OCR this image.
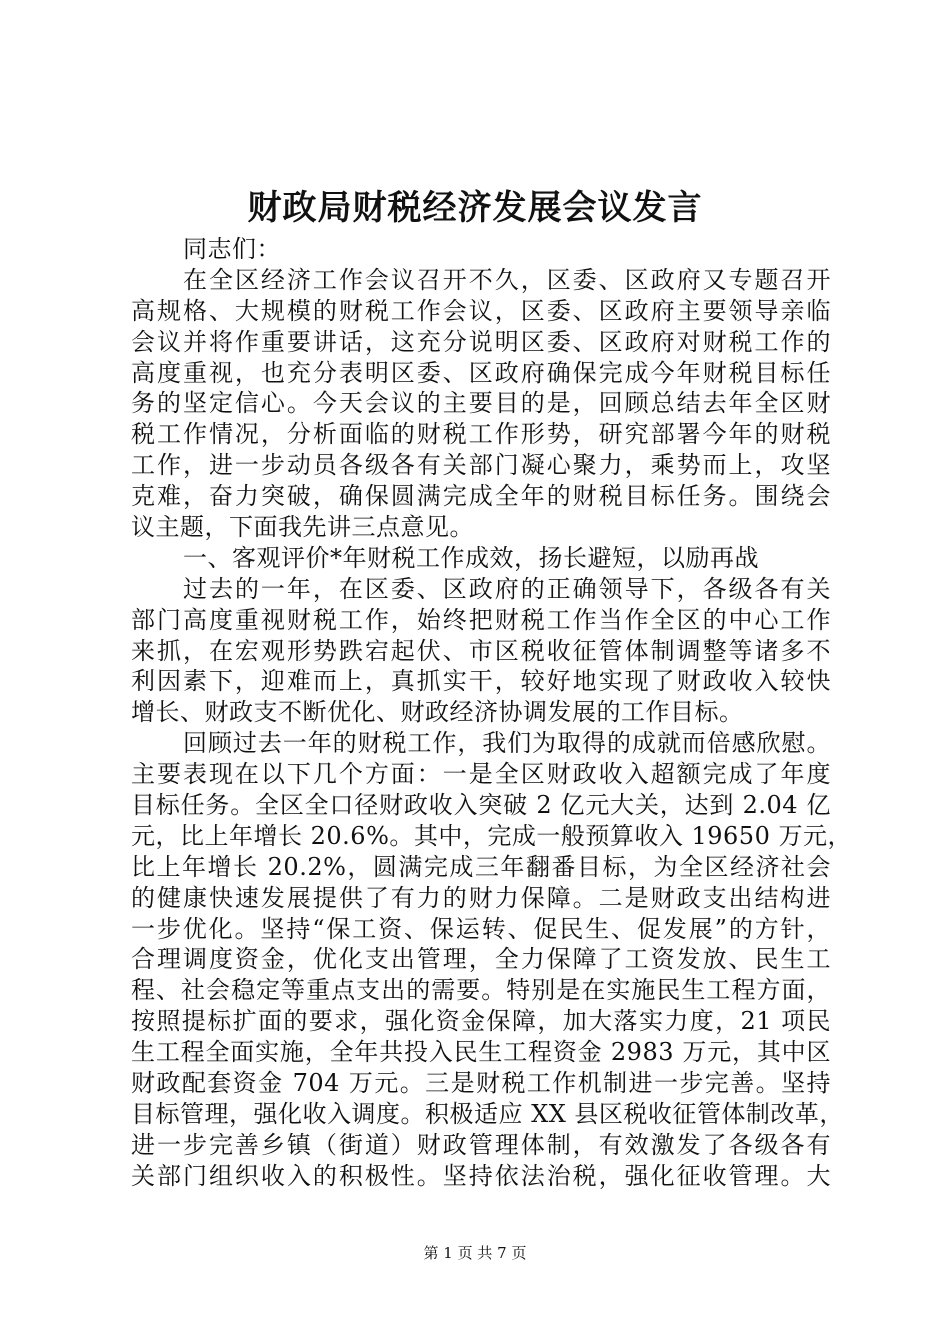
财政局财税经济发展会议发言
同志们：
在全区经济工作会议召开不久，区委、区政府又专题召开
高规格、大规模的财税工作会议，区委、区政府主要领导亲临
会议并将作重要讲话，这充分说明区委、区政府对财税工作的
高度重视，也充分表明区委、区政府确保完成今年财税目标任
务的坚定信心。今天会议的主要目的是，回顾总结去年全区财
税工作情况，分析面临的财税工作形势，研究部署今年的财税
工作，进一步动员各级各有关部门凝心聚力，乘势而上，攻坚
克难，奋力突破，确保圆满完成全年的财税目标任务。围绕会
议主题，下面我先讲三点意见。
一、客观评价*年财税工作成效，扬长避短，以励再战
过去的一年，在区委、区政府的正确领导下，各级各有关
部门高度重视财税工作，始终把财税工作当作全区的中心工作
来抓，在宏观形势跌宕起伏、市区税收征管体制调整等诸多不
利因素下，迎难而上，真抓实干，较好地实现了财政收入较快
增长、财政支不断优化、财政经济协调发展的工作目标。
回顾过去一年的财税工作，我们为取得的成就而倍感欣慰。
主要表现在以下几个方面：一是全区财政收入超额完成了年度
目标任务。全区全口径财政收入突破 2 亿元大关，达到 2.04 亿
元，比上年增长 20.6%。其中，完成一般预算收入 19650 万元，
比上年增长 20.2%，圆满完成三年翻番目标，为全区经济社会
的健康快速发展提供了有力的财力保障。二是财政支出结构进
一步优化。坚持“保工资、保运转、促民生、促发展”的方针，
合理调度资金，优化支出管理，全力保障了工资发放、民生工
程、社会稳定等重点支出的需要。特别是在实施民生工程方面，
按照提标扩面的要求，强化资金保障，加大落实力度，21 项民
生工程全面实施，全年共投入民生工程资金 2983 万元，其中区
财政配套资金 704 万元。三是财税工作机制进一步完善。坚持
目标管理，强化收入调度。积极适应 XX 县区税收征管体制改革，
进一步完善乡镇（街道）财政管理体制，有效激发了各级各有
关部门组织收入的积极性。坚持依法治税，强化征收管理。大
第 1 页 共 7 页
